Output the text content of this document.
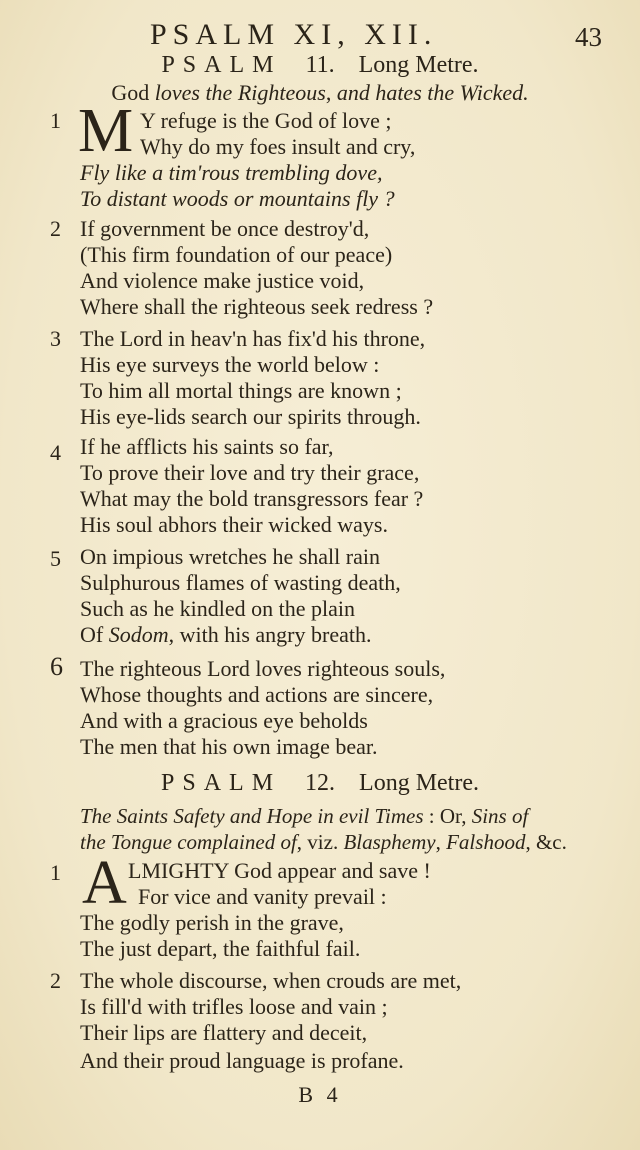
PSALM XI, XII.	43
PSALM 11. Long Metre.
God loves the Righteous, and hates the Wicked.
1 M Y refuge is the God of love ;
Why do my foes insult and cry,
Fly like a tim'rous trembling dove,
To distant woods or mountains fly ?
2 If government be once destroy'd,
(This firm foundation of our peace)
And violence make justice void,
Where shall the righteous seek redress ?
3 The Lord in heav'n has fix'd his throne,
His eye surveys the world below :
To him all mortal things are known ;
His eye-lids search our spirits through.
4 If he afflicts his saints so far,
To prove their love and try their grace,
What may the bold transgressors fear ?
His soul abhors their wicked ways.
5 On impious wretches he shall rain
Sulphurous flames of wasting death,
Such as he kindled on the plain
Of Sodom, with his angry breath.
6 The righteous Lord loves righteous souls,
Whose thoughts and actions are sincere,
And with a gracious eye beholds
The men that his own image bear.
PSALM 12. Long Metre.
The Saints Safety and Hope in evil Times : Or, Sins of
the Tongue complained of, viz. Blasphemy, Falshood, &c.
1 A LMIGHTY God appear and save !
For vice and vanity prevail :
The godly perish in the grave,
The just depart, the faithful fail.
2 The whole discourse, when crouds are met,
Is fill'd with trifles loose and vain ;
Their lips are flattery and deceit,
And their proud language is profane.
B 4
